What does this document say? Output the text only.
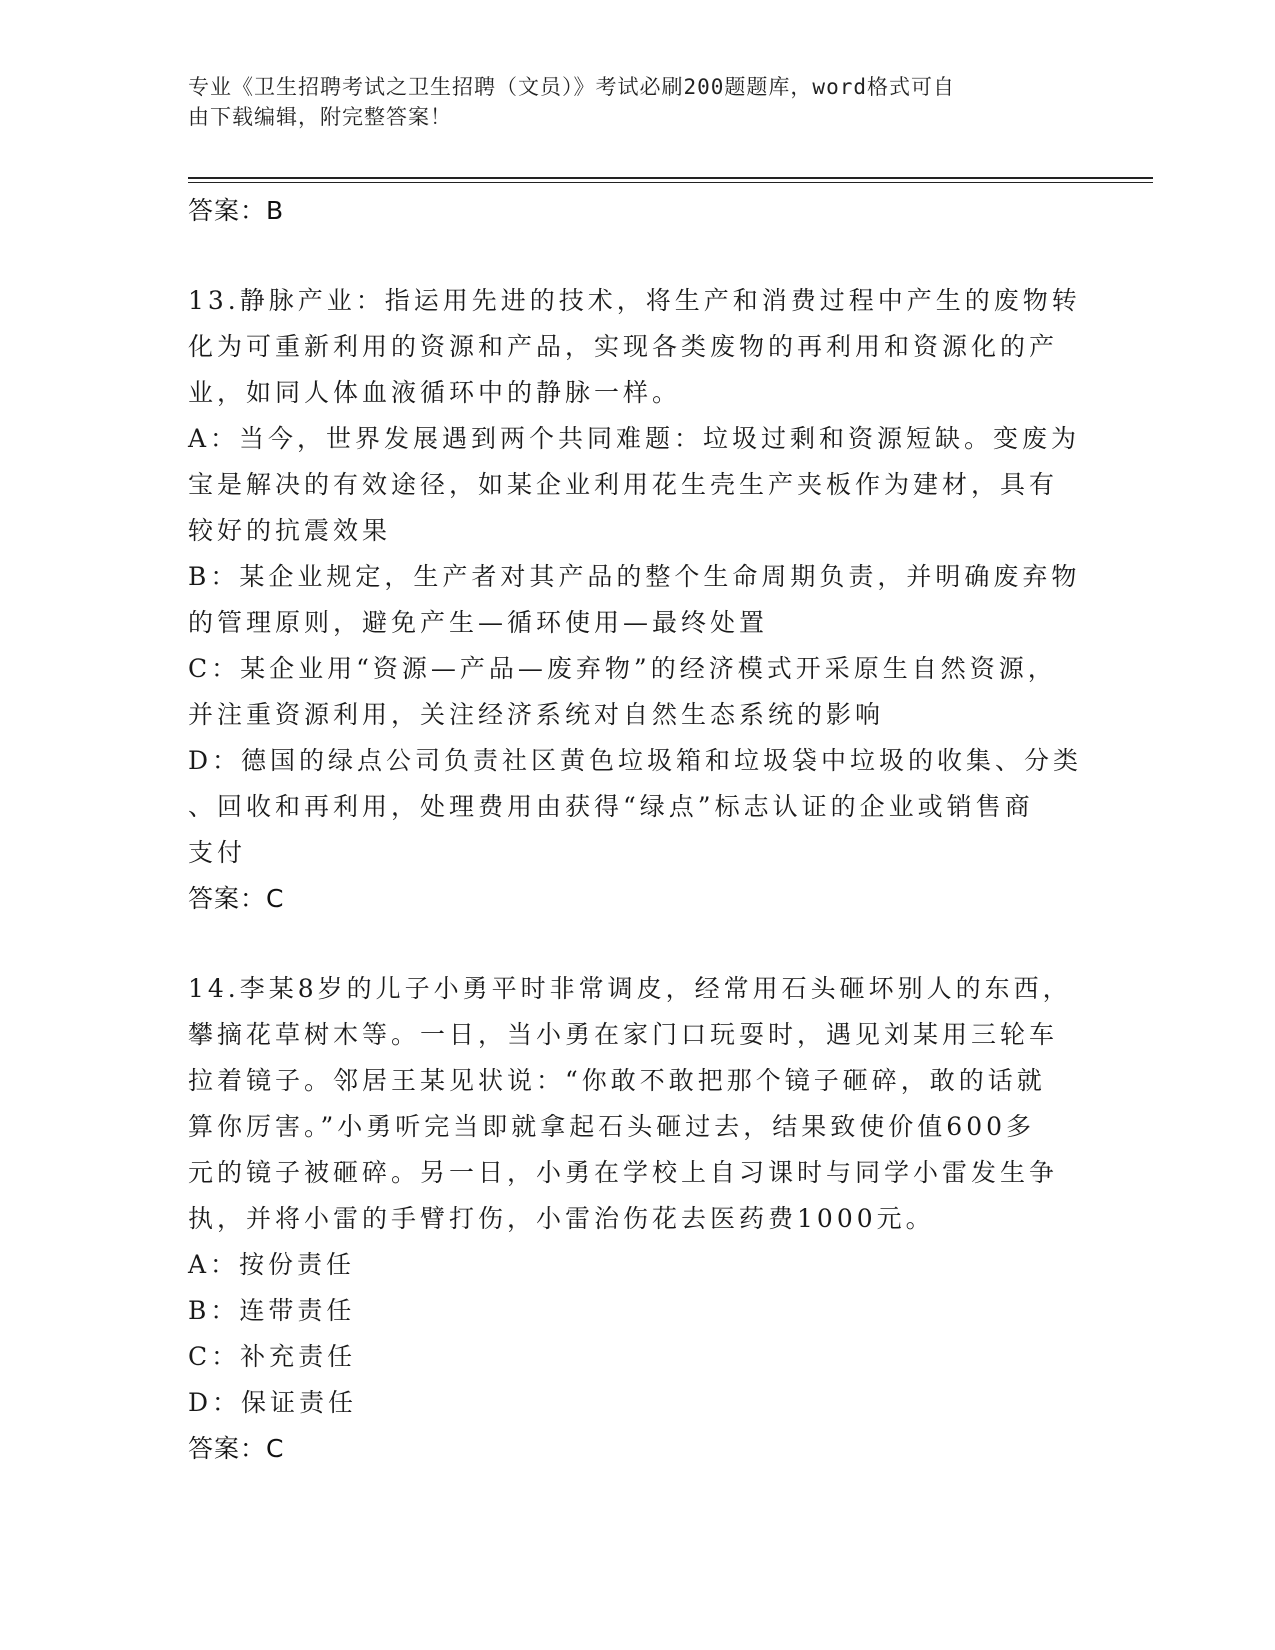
专业《卫生招聘考试之卫生招聘（文员）》考试必刷200题题库，word格式可自
由下载编辑，附完整答案！
答案：B
13.静脉产业：指运用先进的技术，将生产和消费过程中产生的废物转
化为可重新利用的资源和产品，实现各类废物的再利用和资源化的产
业，如同人体血液循环中的静脉一样。
A：当今，世界发展遇到两个共同难题：垃圾过剩和资源短缺。变废为
宝是解决的有效途径，如某企业利用花生壳生产夹板作为建材，具有
较好的抗震效果
B：某企业规定，生产者对其产品的整个生命周期负责，并明确废弃物
的管理原则，避免产生—循环使用—最终处置
C：某企业用“资源—产品—废弃物”的经济模式开采原生自然资源，
并注重资源利用，关注经济系统对自然生态系统的影响
D：德国的绿点公司负责社区黄色垃圾箱和垃圾袋中垃圾的收集、分类
、回收和再利用，处理费用由获得“绿点”标志认证的企业或销售商
支付
答案：C
14.李某8岁的儿子小勇平时非常调皮，经常用石头砸坏别人的东西，
攀摘花草树木等。一日，当小勇在家门口玩耍时，遇见刘某用三轮车
拉着镜子。邻居王某见状说：“你敢不敢把那个镜子砸碎，敢的话就
算你厉害。”小勇听完当即就拿起石头砸过去，结果致使价值600多
元的镜子被砸碎。另一日，小勇在学校上自习课时与同学小雷发生争
执，并将小雷的手臂打伤，小雷治伤花去医药费1000元。
A：按份责任
B：连带责任
C：补充责任
D：保证责任
答案：C
